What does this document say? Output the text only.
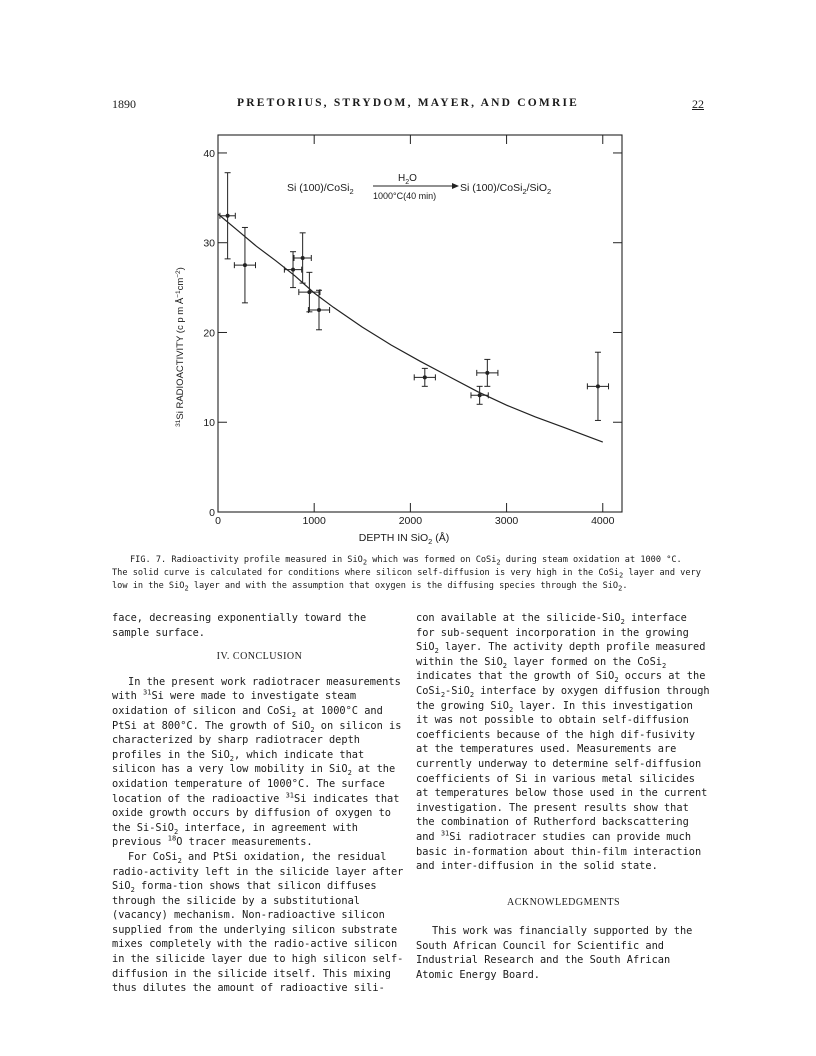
1890	PRETORIUS, STRYDOM, MAYER, AND COMRIE	22
0	1000	2000	3000	4000
0
10
20
30
40
Si (100)/CoSi$_2$
$H_2O$
1000°C(40 min)
Si (100)/CoSi$_2$/SiO$_2$
$^{31}$Si RADIOACTIVITY (c p m $Å^{-1}cm^{-2}$)
DEPTH IN SiO$_2$ (Å)
FIG. 7. Radioactivity profile measured in SiO$_2$ which was formed on CoSi$_2$ during steam oxidation at 1000 °C. The solid curve is calculated for conditions where silicon self-diffusion is very high in the CoSi$_2$ layer and very low in the SiO$_2$ layer and with the assumption that oxygen is the diffusing species through the SiO$_2$.

face, decreasing exponentially toward the sample surface.

IV. CONCLUSION

In the present work radiotracer measurements with $^{31}$Si were made to investigate steam oxidation of silicon and CoSi$_2$ at 1000°C and PtSi at 800°C. The growth of SiO$_2$ on silicon is characterized by sharp radiotracer depth profiles in the SiO$_2$, which indicate that silicon has a very low mobility in SiO$_2$ at the oxidation temperature of 1000°C. The surface location of the radioactive $^{31}$Si indicates that oxide growth occurs by diffusion of oxygen to the Si-SiO$_2$ interface, in agreement with previous $^{18}$O tracer measurements.

For CoSi$_2$ and PtSi oxidation, the residual radio-activity left in the silicide layer after SiO$_2$ forma-tion shows that silicon diffuses through the silicide by a substitutional (vacancy) mechanism. Non-radioactive silicon supplied from the underlying silicon substrate mixes completely with the radio-active silicon in the silicide layer due to high silicon self-diffusion in the silicide itself. This mixing thus dilutes the amount of radioactive sili-

con available at the silicide-SiO$_2$ interface for sub-sequent incorporation in the growing SiO$_2$ layer. The activity depth profile measured within the SiO$_2$ layer formed on the CoSi$_2$ indicates that the growth of SiO$_2$ occurs at the CoSi$_2$-SiO$_2$ interface by oxygen diffusion through the growing SiO$_2$ layer. In this investigation it was not possible to obtain self-diffusion coefficients because of the high dif-fusivity at the temperatures used. Measurements are currently underway to determine self-diffusion coefficients of Si in various metal silicides at temperatures below those used in the current investigation. The present results show that the combination of Rutherford backscattering and $^{31}$Si radiotracer studies can provide much basic in-formation about thin-film interaction and inter-diffusion in the solid state.

ACKNOWLEDGMENTS

This work was financially supported by the South African Council for Scientific and Industrial Research and the South African Atomic Energy Board.
